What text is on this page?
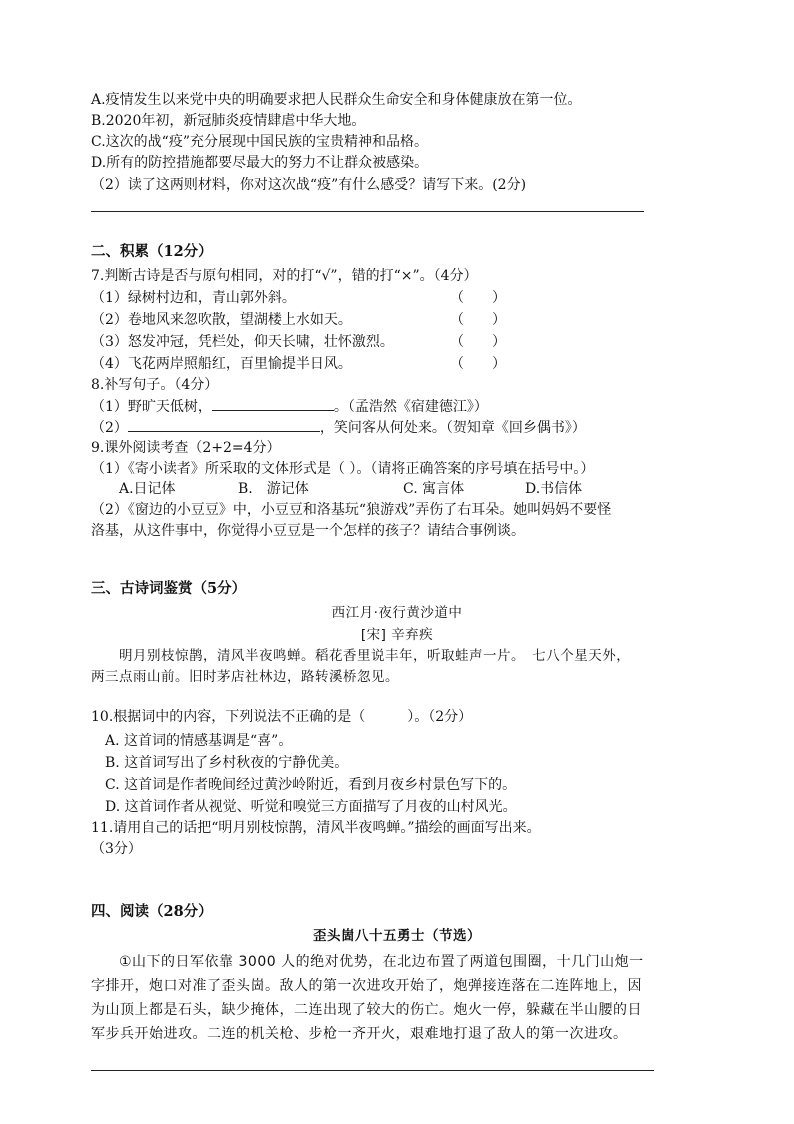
A.疫情发生以来党中央的明确要求把人民群众生命安全和身体健康放在第一位。
B.2020年初，新冠肺炎疫情肆虐中华大地。
C.这次的战“疫”充分展现中国民族的宝贵精神和品格。
D.所有的防控措施都要尽最大的努力不让群众被感染。
（2）读了这两则材料，你对这次战“疫”有什么感受？请写下来。(2分)
二、积累（12分）
7.判断古诗是否与原句相同，对的打“√”，错的打“×”。（4分）
（1）绿树村边和，青山郭外斜。	（　　）
（2）卷地风来忽吹散，望湖楼上水如天。	（　　）
（3）怒发冲冠，凭栏处，仰天长啸，壮怀激烈。	（　　）
（4）飞花两岸照船红，百里愉提半日风。	（　　）
8.补写句子。（4分）
（1）野旷天低树，	。（孟浩然《宿建德江》）
（2）	，笑问客从何处来。（贺知章《回乡偶书》）
9.课外阅读考查（2+2=4分）
（1）《寄小读者》所采取的文体形式是（ ）。（请将正确答案的序号填在括号中。）
A.日记体	B.　游记体	C. 寓言体	D.书信体
（2）《窗边的小豆豆》中，小豆豆和洛基玩“狼游戏”弄伤了右耳朵。她叫妈妈不要怪
洛基，从这件事中，你觉得小豆豆是一个怎样的孩子？请结合事例谈。
三、古诗词鉴赏（5分）
西江月·夜行黄沙道中
[宋] 辛弃疾
明月别枝惊鹊，清风半夜鸣蝉。稻花香里说丰年，听取蛙声一片。　七八个星天外，
两三点雨山前。旧时茅店社林边，路转溪桥忽见。
10.根据词中的内容，下列说法不正确的是（　　　）。（2分）
A. 这首词的情感基调是“喜”。
B. 这首词写出了乡村秋夜的宁静优美。
C. 这首词是作者晚间经过黄沙岭附近，看到月夜乡村景色写下的。
D. 这首词作者从视觉、听觉和嗅觉三方面描写了月夜的山村风光。
11.请用自己的话把“明月别枝惊鹊，清风半夜鸣蝉。”描绘的画面写出来。
（3分）
四、阅读（28分）
歪头崮八十五勇士（节选）
①山下的日军依靠 3000 人的绝对优势，在北边布置了两道包围圈，十几门山炮一
字排开，炮口对准了歪头崮。敌人的第一次进攻开始了，炮弹接连落在二连阵地上，因
为山顶上都是石头，缺少掩体，二连出现了较大的伤亡。炮火一停，躲藏在半山腰的日
军步兵开始进攻。二连的机关枪、步枪一齐开火，艰难地打退了敌人的第一次进攻。
